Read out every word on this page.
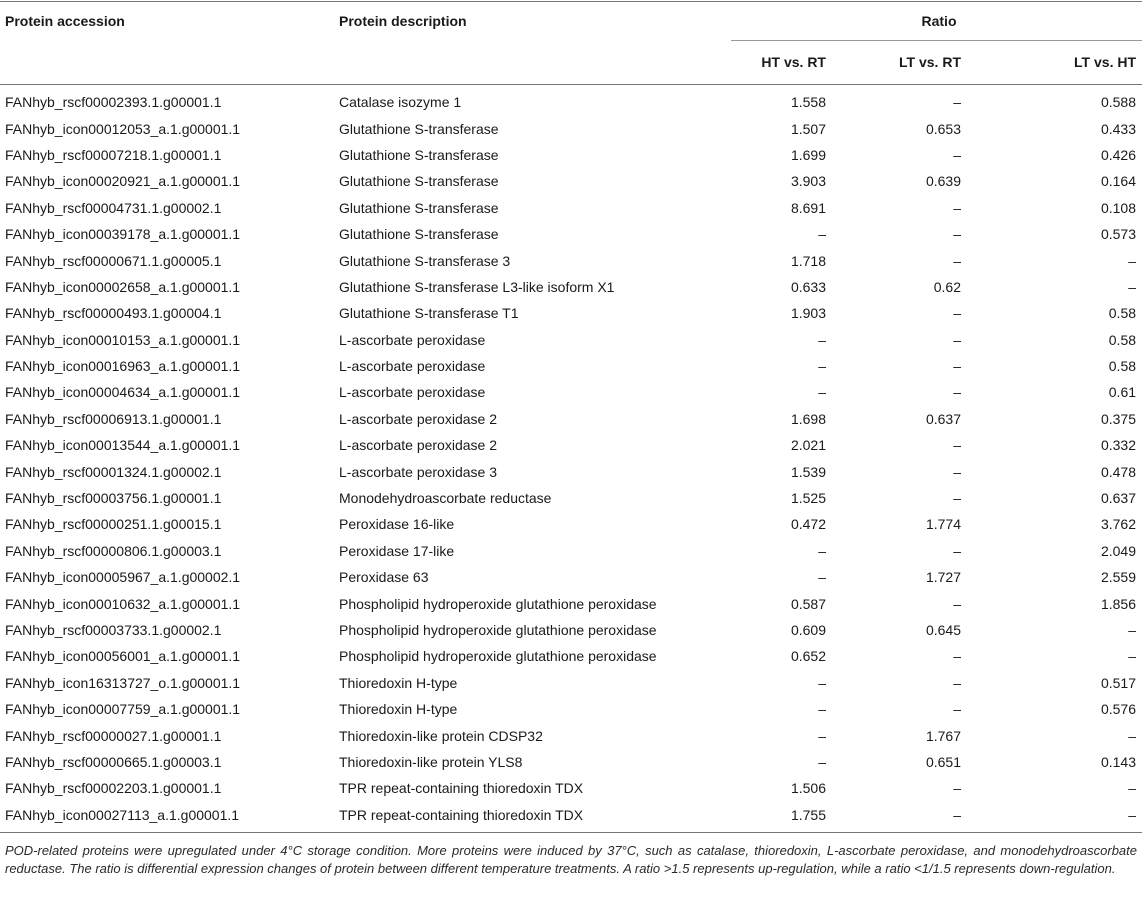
Protein accession	Protein description	Ratio		
		HT vs. RT	LT vs. RT	LT vs. HT
FANhyb_rscf00002393.1.g00001.1	Catalase isozyme 1	1.558	–	0.588
FANhyb_icon00012053_a.1.g00001.1	Glutathione S-transferase	1.507	0.653	0.433
FANhyb_rscf00007218.1.g00001.1	Glutathione S-transferase	1.699	–	0.426
FANhyb_icon00020921_a.1.g00001.1	Glutathione S-transferase	3.903	0.639	0.164
FANhyb_rscf00004731.1.g00002.1	Glutathione S-transferase	8.691	–	0.108
FANhyb_icon00039178_a.1.g00001.1	Glutathione S-transferase	–	–	0.573
FANhyb_rscf00000671.1.g00005.1	Glutathione S-transferase 3	1.718	–	–
FANhyb_icon00002658_a.1.g00001.1	Glutathione S-transferase L3-like isoform X1	0.633	0.62	–
FANhyb_rscf00000493.1.g00004.1	Glutathione S-transferase T1	1.903	–	0.58
FANhyb_icon00010153_a.1.g00001.1	L-ascorbate peroxidase	–	–	0.58
FANhyb_icon00016963_a.1.g00001.1	L-ascorbate peroxidase	–	–	0.58
FANhyb_icon00004634_a.1.g00001.1	L-ascorbate peroxidase	–	–	0.61
FANhyb_rscf00006913.1.g00001.1	L-ascorbate peroxidase 2	1.698	0.637	0.375
FANhyb_icon00013544_a.1.g00001.1	L-ascorbate peroxidase 2	2.021	–	0.332
FANhyb_rscf00001324.1.g00002.1	L-ascorbate peroxidase 3	1.539	–	0.478
FANhyb_rscf00003756.1.g00001.1	Monodehydroascorbate reductase	1.525	–	0.637
FANhyb_rscf00000251.1.g00015.1	Peroxidase 16-like	0.472	1.774	3.762
FANhyb_rscf00000806.1.g00003.1	Peroxidase 17-like	–	–	2.049
FANhyb_icon00005967_a.1.g00002.1	Peroxidase 63	–	1.727	2.559
FANhyb_icon00010632_a.1.g00001.1	Phospholipid hydroperoxide glutathione peroxidase	0.587	–	1.856
FANhyb_rscf00003733.1.g00002.1	Phospholipid hydroperoxide glutathione peroxidase	0.609	0.645	–
FANhyb_icon00056001_a.1.g00001.1	Phospholipid hydroperoxide glutathione peroxidase	0.652	–	–
FANhyb_icon16313727_o.1.g00001.1	Thioredoxin H-type	–	–	0.517
FANhyb_icon00007759_a.1.g00001.1	Thioredoxin H-type	–	–	0.576
FANhyb_rscf00000027.1.g00001.1	Thioredoxin-like protein CDSP32	–	1.767	–
FANhyb_rscf00000665.1.g00003.1	Thioredoxin-like protein YLS8	–	0.651	0.143
FANhyb_rscf00002203.1.g00001.1	TPR repeat-containing thioredoxin TDX	1.506	–	–
FANhyb_icon00027113_a.1.g00001.1	TPR repeat-containing thioredoxin TDX	1.755	–	–
POD-related proteins were upregulated under 4°C storage condition. More proteins were induced by 37°C, such as catalase, thioredoxin, L-ascorbate peroxidase, and monodehydroascorbate reductase. The ratio is differential expression changes of protein between different temperature treatments. A ratio >1.5 represents up-regulation, while a ratio <1/1.5 represents down-regulation.
